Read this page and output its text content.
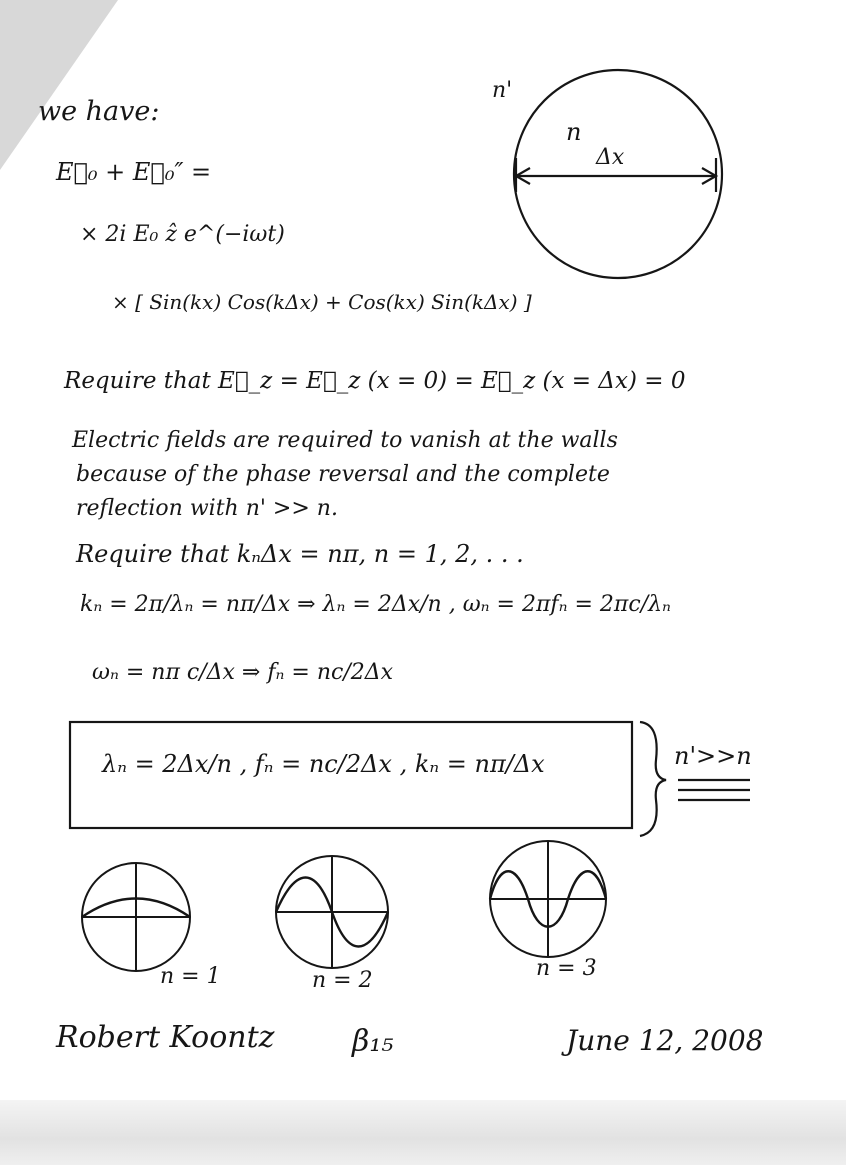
we have:
n'
n
Δx
E⃗₀ + E⃗₀″ =
× 2i E₀ ẑ e^(−iωt)
× [ Sin(kx) Cos(kΔx) + Cos(kx) Sin(kΔx) ]
Require that E⃗_z = E⃗_z (x = 0) = E⃗_z (x = Δx) = 0
Electric fields are required to vanish at the walls
because of the phase reversal and the complete
reflection with n' >> n.
Require that kₙΔx = nπ, n = 1, 2, . . .
kₙ = 2π/λₙ = nπ/Δx ⇒ λₙ = 2Δx/n , ωₙ = 2πfₙ = 2πc/λₙ
ωₙ = nπ c/Δx ⇒ fₙ = nc/2Δx
λₙ = 2Δx/n , fₙ = nc/2Δx , kₙ = nπ/Δx	n'>>n
n = 1	n = 2	n = 3
Robert Koontz	β₁₅	June 12, 2008
